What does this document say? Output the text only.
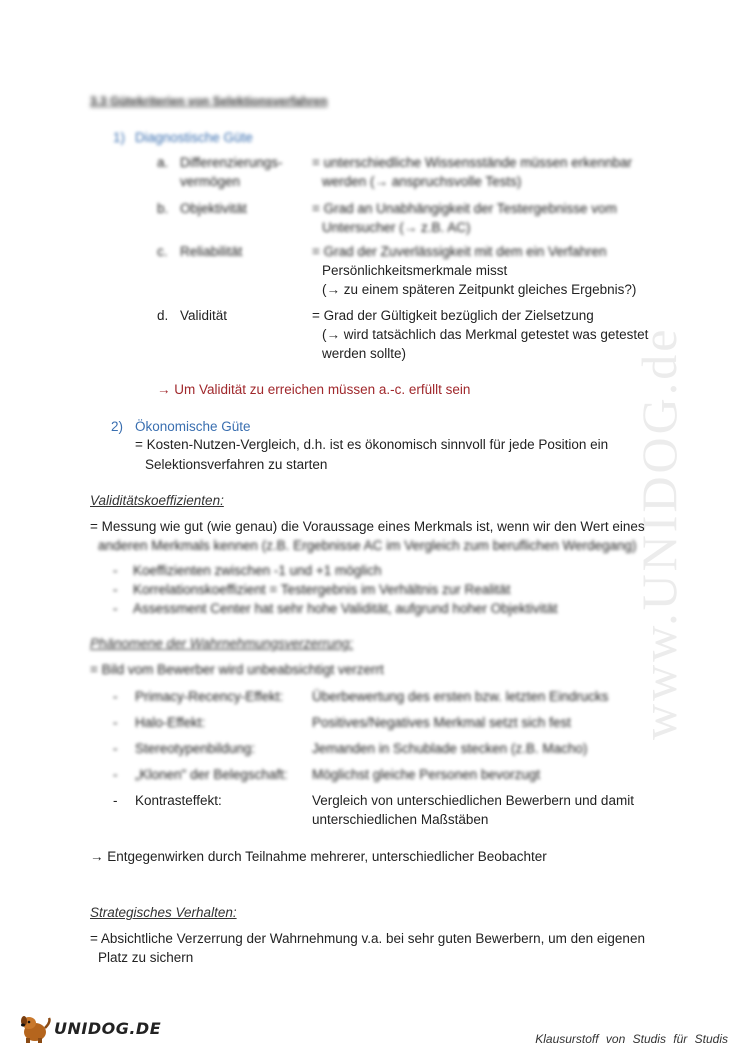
www.UNIDOG.de
3.3 Gütekriterien von Selektionsverfahren
1) Diagnostische Güte
a. Differenzierungs-
vermögen
= unterschiedliche Wissensstände müssen erkennbar
werden (→ anspruchsvolle Tests)
b. Objektivität	= Grad an Unabhängigkeit der Testergebnisse vom
Untersucher (→ z.B. AC)
c. Reliabilität	= Grad der Zuverlässigkeit mit dem ein Verfahren
Persönlichkeitsmerkmale misst
(→ zu einem späteren Zeitpunkt gleiches Ergebnis?)
d. Validität	= Grad der Gültigkeit bezüglich der Zielsetzung
(→ wird tatsächlich das Merkmal getestet was getestet
werden sollte)
→ Um Validität zu erreichen müssen a.-c. erfüllt sein
2) Ökonomische Güte
= Kosten-Nutzen-Vergleich, d.h. ist es ökonomisch sinnvoll für jede Position ein
Selektionsverfahren zu starten
Validitätskoeffizienten:
= Messung wie gut (wie genau) die Voraussage eines Merkmals ist, wenn wir den Wert eines
anderen Merkmals kennen (z.B. Ergebnisse AC im Vergleich zum beruflichen Werdegang)
- Koeffizienten zwischen -1 und +1 möglich
- Korrelationskoeffizient = Testergebnis im Verhältnis zur Realität
- Assessment Center hat sehr hohe Validität, aufgrund hoher Objektivität
Phänomene der Wahrnehmungsverzerrung:
= Bild vom Bewerber wird unbeabsichtigt verzerrt
- Primacy-Recency-Effekt: Überbewertung des ersten bzw. letzten Eindrucks
- Halo-Effekt:	Positives/Negatives Merkmal setzt sich fest
- Stereotypenbildung:	Jemanden in Schublade stecken (z.B. Macho)
- „Klonen" der Belegschaft: Möglichst gleiche Personen bevorzugt
- Kontrasteffekt:	Vergleich von unterschiedlichen Bewerbern und damit
unterschiedlichen Maßstäben
→ Entgegenwirken durch Teilnahme mehrerer, unterschiedlicher Beobachter
Strategisches Verhalten:
= Absichtliche Verzerrung der Wahrnehmung v.a. bei sehr guten Bewerbern, um den eigenen
Platz zu sichern
UNIDOG.DE
Klausurstoff von Studis für Studis
